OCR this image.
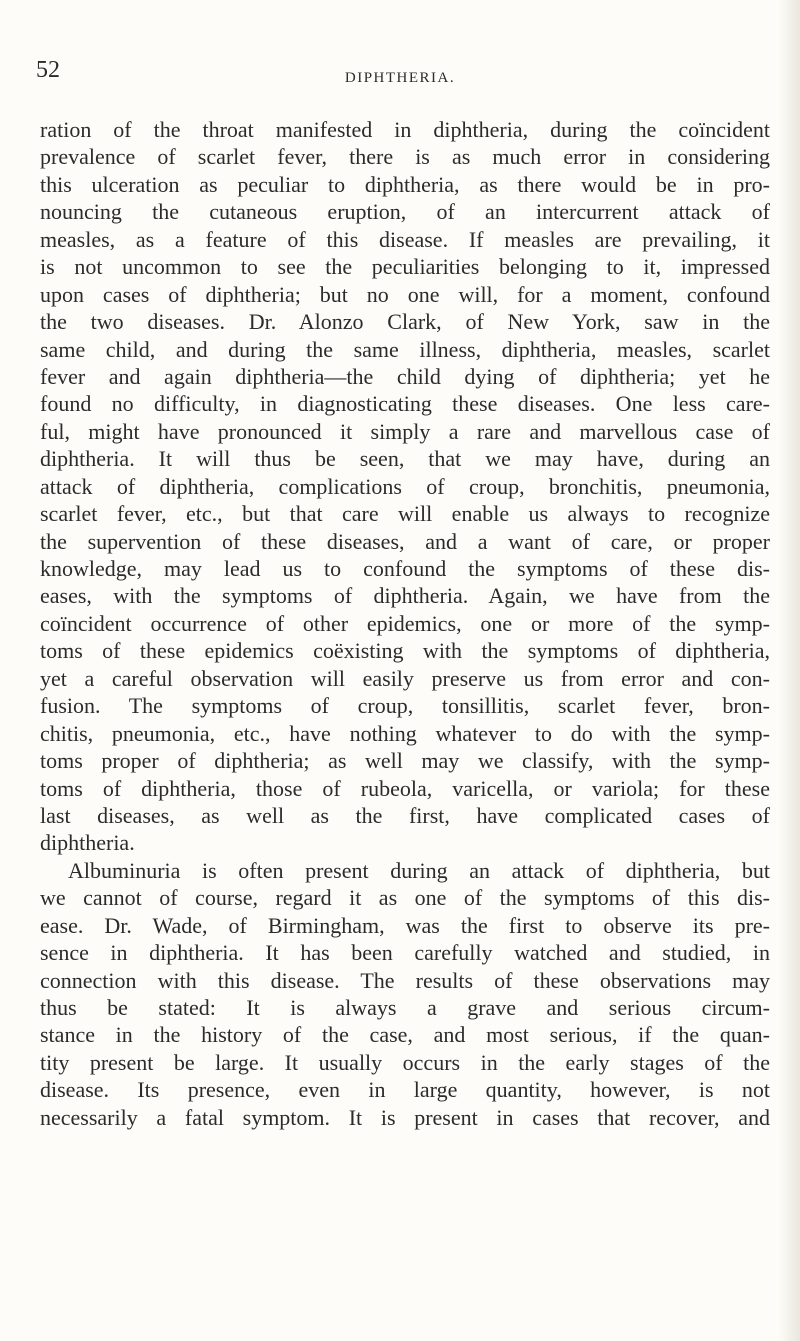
52	DIPHTHERIA.
ration of the throat manifested in diphtheria, during the coïncident
prevalence of scarlet fever, there is as much error in considering
this ulceration as peculiar to diphtheria, as there would be in pro-
nouncing the cutaneous eruption, of an intercurrent attack of
measles, as a feature of this disease. If measles are prevailing, it
is not uncommon to see the peculiarities belonging to it, impressed
upon cases of diphtheria; but no one will, for a moment, confound
the two diseases. Dr. Alonzo Clark, of New York, saw in the
same child, and during the same illness, diphtheria, measles, scarlet
fever and again diphtheria—the child dying of diphtheria; yet he
found no difficulty, in diagnosticating these diseases. One less care-
ful, might have pronounced it simply a rare and marvellous case of
diphtheria. It will thus be seen, that we may have, during an
attack of diphtheria, complications of croup, bronchitis, pneumonia,
scarlet fever, etc., but that care will enable us always to recognize
the supervention of these diseases, and a want of care, or proper
knowledge, may lead us to confound the symptoms of these dis-
eases, with the symptoms of diphtheria. Again, we have from the
coïncident occurrence of other epidemics, one or more of the symp-
toms of these epidemics coëxisting with the symptoms of diphtheria,
yet a careful observation will easily preserve us from error and con-
fusion. The symptoms of croup, tonsillitis, scarlet fever, bron-
chitis, pneumonia, etc., have nothing whatever to do with the symp-
toms proper of diphtheria; as well may we classify, with the symp-
toms of diphtheria, those of rubeola, varicella, or variola; for these
last diseases, as well as the first, have complicated cases of
diphtheria.
Albuminuria is often present during an attack of diphtheria, but
we cannot of course, regard it as one of the symptoms of this dis-
ease. Dr. Wade, of Birmingham, was the first to observe its pre-
sence in diphtheria. It has been carefully watched and studied, in
connection with this disease. The results of these observations may
thus be stated: It is always a grave and serious circum-
stance in the history of the case, and most serious, if the quan-
tity present be large. It usually occurs in the early stages of the
disease. Its presence, even in large quantity, however, is not
necessarily a fatal symptom. It is present in cases that recover, and
